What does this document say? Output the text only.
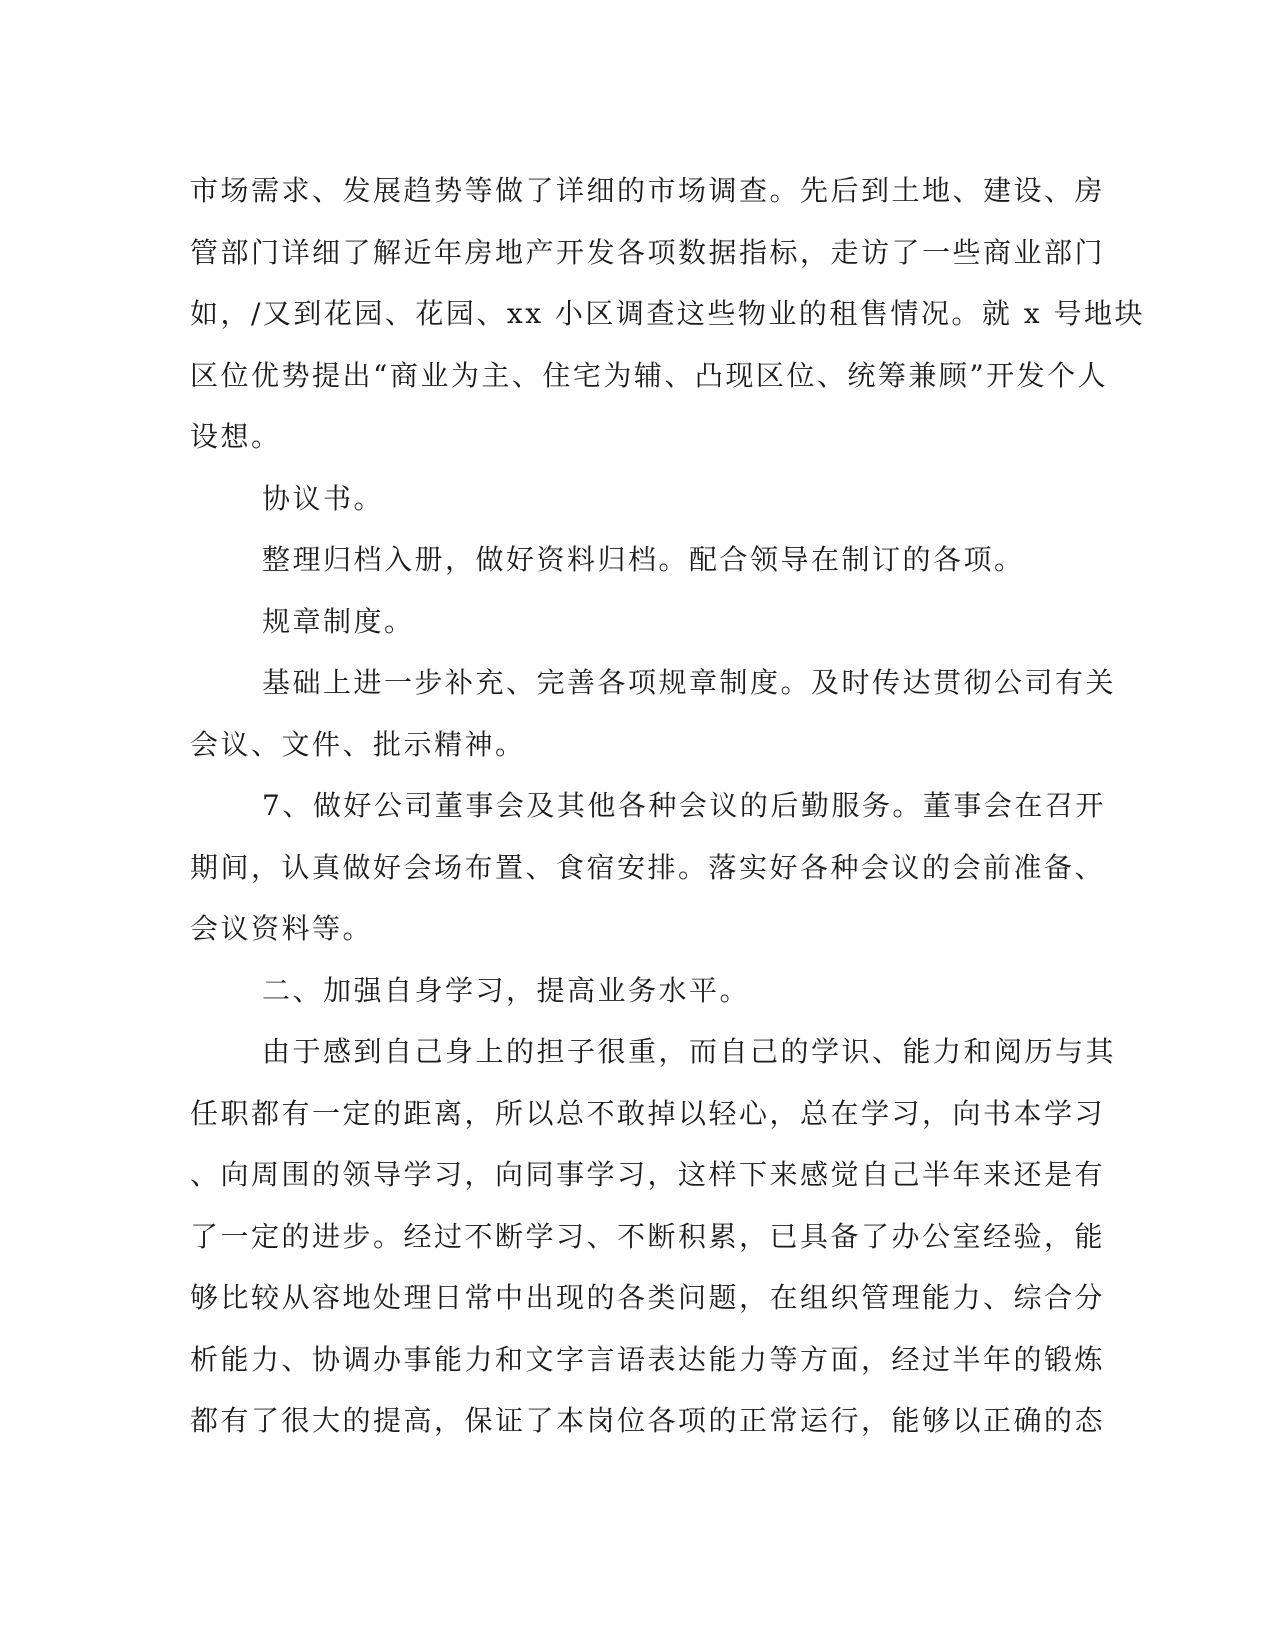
市场需求、发展趋势等做了详细的市场调查。先后到土地、建设、房
管部门详细了解近年房地产开发各项数据指标，走访了一些商业部门
如，/又到花园、花园、xx 小区调查这些物业的租售情况。就 x 号地块
区位优势提出“商业为主、住宅为辅、凸现区位、统筹兼顾”开发个人
设想。
协议书。
整理归档入册，做好资料归档。配合领导在制订的各项。
规章制度。
基础上进一步补充、完善各项规章制度。及时传达贯彻公司有关
会议、文件、批示精神。
7、做好公司董事会及其他各种会议的后勤服务。董事会在召开
期间，认真做好会场布置、食宿安排。落实好各种会议的会前准备、
会议资料等。
二、加强自身学习，提高业务水平。
由于感到自己身上的担子很重，而自己的学识、能力和阅历与其
任职都有一定的距离，所以总不敢掉以轻心，总在学习，向书本学习
、向周围的领导学习，向同事学习，这样下来感觉自己半年来还是有
了一定的进步。经过不断学习、不断积累，已具备了办公室经验，能
够比较从容地处理日常中出现的各类问题，在组织管理能力、综合分
析能力、协调办事能力和文字言语表达能力等方面，经过半年的锻炼
都有了很大的提高，保证了本岗位各项的正常运行，能够以正确的态
